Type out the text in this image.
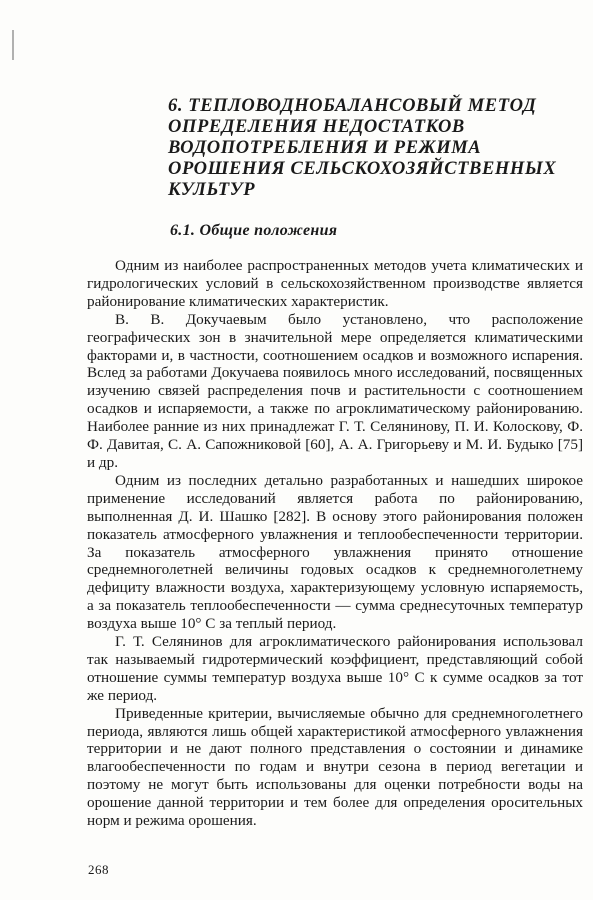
6. ТЕПЛОВОДНОБАЛАНСОВЫЙ МЕТОД
ОПРЕДЕЛЕНИЯ НЕДОСТАТКОВ
ВОДОПОТРЕБЛЕНИЯ И РЕЖИМА
ОРОШЕНИЯ СЕЛЬСКОХОЗЯЙСТВЕННЫХ
КУЛЬТУР
6.1. Общие положения

Одним из наиболее распространенных методов учета климатических и гидрологических условий в сельскохозяйственном производстве является районирование климатических характеристик.

В. В. Докучаевым было установлено, что расположение географических зон в значительной мере определяется климатическими факторами и, в частности, соотношением осадков и возможного испарения. Вслед за работами Докучаева появилось много исследований, посвященных изучению связей распределения почв и растительности с соотношением осадков и испаряемости, а также по агроклиматическому районированию. Наиболее ранние из них принадлежат Г. Т. Селянинову, П. И. Колоскову, Ф. Ф. Давитая, С. А. Сапожниковой [60], А. А. Григорьеву и М. И. Будыко [75] и др.

Одним из последних детально разработанных и нашедших широкое применение исследований является работа по районированию, выполненная Д. И. Шашко [282]. В основу этого районирования положен показатель атмосферного увлажнения и теплообеспеченности территории. За показатель атмосферного увлажнения принято отношение среднемноголетней величины годовых осадков к среднемноголетнему дефициту влажности воздуха, характеризующему условную испаряемость, а за показатель теплообеспеченности — сумма среднесуточных температур воздуха выше 10° С за теплый период.

Г. Т. Селянинов для агроклиматического районирования использовал так называемый гидротермический коэффициент, представляющий собой отношение суммы температур воздуха выше 10° С к сумме осадков за тот же период.

Приведенные критерии, вычисляемые обычно для среднемноголетнего периода, являются лишь общей характеристикой атмосферного увлажнения территории и не дают полного представления о состоянии и динамике влагообеспеченности по годам и внутри сезона в период вегетации и поэтому не могут быть использованы для оценки потребности воды на орошение данной территории и тем более для определения оросительных норм и режима орошения.

268
